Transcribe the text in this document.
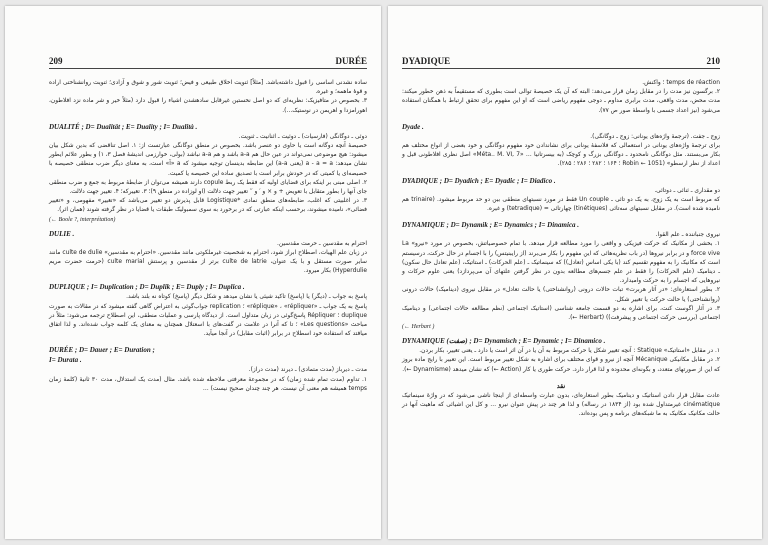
209	DURÉE

ساده نشدنی اساسی را قبول داشته‌باشد. [مثلاً] ثنویت اخلاق طبیعی و فیض؛ ثنویت شور و شوق و آزادی؛ ثنویت روانشناختی اراده و قوهٔ ماهمه‌؛ و غیره.

۳. بخصوص در متافیزیک: نظریه‌ای که دو اصل نخستین غیرقابل سادهشدن اشیاء را قبول دارد (مثلاً خیر و شر ماده نزد افلاطون، اهورامزدا و اهریمن در نوستیک…).

DUALITÉ ; D= Dualität ; E= Duality ; I= Dualità .

دوئی ـ دوگانگی (فارسیات) ـ دوئیت ـ اثنانیت ـ ثنویت.

خصیصهٔ آنچه دوگانه است یا حاوی دو عنصر باشد. بخصوص در منطق دوگانگی عبارتست از: ۱. اصل تناقضی که بدین شکل بیان میشود: هیچ موضوعی نمی‌تواند در عین حال هم a-a باشد و هم a-a نباشد (بولی، خوارزمی اندیشهٔ فصل ۳، ۱) و بطور علائم ایطور نشان میدهد: a - a = a (یعنی a-a) این ضابطه بدینسان توجیه میشود که a «آ» است، به معنای دیگر ضرب منطقی خصیصه با خصیصه‌ای یا کمیتی که در خودش برابر است با تصدیق ساده این خصیصه یا کمیت.

۲. اصلی مبنی بر اینکه برای قضایای اولیه که فقط یک ربط copule دارند همیشه می‌توان از ضابطهٔ مربوط به جمع و ضرب منطقی جای آنها را بطور متقابل با تعویض + و × و ′ و ′′ تغییر جهت دلالت (او لوزاده در منطق ۹)؛ ۳. تغییرکه‌؛ ۴. تغییر جهت دلالت.

۳. در اغلبیتی که اغلب، ضابطه‌های منطق نمادی *Logistique قابل پذیرش دو تغییر می‌باشد که «تغییر» مفهومی، و «تغییر فضائی»، نامیده میشوند، برحسب اینکه عبارتی که در برخورد به سوی سمبولیک طبقات یا قضایا در نظر گرفته شوند (همان اثر).

(← Boole ?, interprétation)
DULIE .

احترام به مقدسین ـ حرمت مقدسین.

در زبان علم الهیات، اصطلاح ابراز شود، احترام به شخصیت غیرملکوتی مانند مقدسین. «احترام به مقدسین» culte de dulie مانند سایر صورت مستقل و با یک عنوان، culte de latrie برتر از مقدسین و پرستش culte marial (حرمت حضرت مریم Hyperdulie) بکار میرود.

DUPLIQUE ; I= Duplication ; D= Duplik ; E= Duply ; I= Duplica .

پاسخ به جواب ـ (دیگر) یا (پاسخ) تاکید شیئی یا نشان میدهد و شکل دیگر (پاسخ) کوتاه نه بلند باشد.

پاسخ به یک جواب ـ «réplique» ، «répliquer» ؛ replication جواب‌گوئی به اعتراض گاهی گفته میشود که در مقالات به صورت duplique ؛ Répliquer پاسخ‌گوئی در زبان متداول است. از دیدگاه پارسی و عملیات منطقی، این اصطلاح ترجمه می‌شود: مثلاً در مباحث «Les questions» ؛ تا که آنرا در علامت در گفت‌های با اسعتلال همچنان به معنای یک کلمه جواب شده‌اند. و لذا اتفاق میافتد که استفاده خود اسطلاح در برابر (اثبات مقابل) در آنجا میآید.

DURÉE ; D= Dauer ; E= Duration ;
I= Durata .

مدت ـ دیرباز (مدت متمادی) ـ دیرند (مدت دراز).

۱. تداوم (مدت تمام شده زمان) که در مجموعهٔ معرفتی ملاحظه شده باشد. مثال (مدت یک استدلال، مدت ۳۰ ثانیهٔ (کلمهٔ زمان temps همیشه هم معنی آن نیست. هر چند چندان صحیح نیست) …

DYADIQUE	210

temps de réaction ؛ واکنش.

۲. برگسون نیز مدت را در مقابل زمان قرار می‌دهد: البته که آن یک خصیصهٔ توالی است بطوری که مستقیماً به ذهن خطور میکند: مدت محض، مدت واقعی، مدت برابری مداوم ـ دوجی مفهوم ریاضی است که او این مفهوم برای تحقق ارتباط با همگنان استفاده می‌شود (نیز اعداد جسمی با واسطهٔ صور ص ۷۷).

Dyade .

زوج ـ جفت. (ترجمهٔ واژه‌های یونانی: زوج ـ دوگانگی).

برای ترجمهٔ واژه‌های یونانی در استعمالی که فلاسفهٔ یونانی برای نشاندادن خود مفهوم دوگانگی و خود بعضی از انواع مختلف هم بکار می‌بستند. مثل دوگانگی نامحدود ـ دوگانگی بزرگ و کوچک (به بیسرتانیا … «Méta.. M. VI, 7» اصل نظری افلاطونی قبل و اعداد از نظر ارسطو» (1051 ← Robin ؛ ۱۶۴ ؛ ۲۸۲ ؛ ۲۸۶ ؛ ۲۸۵).

DYADIQUE ; D= Dyadich ; E= Dyadic ; I= Diadico .

دو مقداری ـ ثنائی ـ دوتائی.

که مربوط است به یک زوج، به یک دو تائی ـ Un couple فقط در مورد نسبتهای منطقی بین دو حد مربوط میشود. (trinaire هم نامیده شده است). در مقابل نسبتهای سه‌تائی (tinétiques) چهارتائی = (tetradique) و غیره.

DYNAMIQUE ; D= Dynamik ; E= Dynamics ; I= Dinamica .

نیروی جنباننده ـ علم القوا.

۱. بخشی از مکانیک که حرکت فیزیکی و واقعی را مورد مطالعه قرار میدهد. با تمام حصوصیاتش، بخصوص در مورد «نیرو» La force vive و در برابر نیروها (در باب نظریه‌هائی که این مفهوم را بکار می‌برند (از رایبنیتس) را با اجسام در حال حرکت، درسیستم است که مکانیک را به مفهوم تقسیم کند (با یکی اساس (تعادل)) که سینماتیک ـ (علم الحرکات) ـ استاتیک، (علم تعادل حال سکون) ـ دینامیک (علم الحرکات) را فقط در علم جسم‌های مطالعه بدون در نظر گرفتن علتهای آن می‌پردازد) یعنی علوم حرکات و نیروهایی که اجسام را به حرکت وامیدارد.

۲. بطور استعاره‌ای: «در آثار هربرت» تبات حالات درونی (روانشناختی) یا حالت تعادل» در مقابل نیروی (دینامیک) حالات درونی (روانشناختی) یا حالت حرکت یا تغییر شکل.

۳. در آثار اگوست کنت، برای اشاره به دو قسمت جامعه شناسی (استاتیک اجتماعی (نظم مطالعه حالات اجتماعی) و دینامیک اجتماعی (بررسی حرکت اجتماعی و پیشرفت)) (Herbart ←).

(← Herbart )
DYNAMIQUE (صفت) ; D= Dynamisch ; E= Dynamic ; I= Dinamico .

۱. در مقابل «استاتیک» Statique : آنچه تغییر شکل یا حرکت مربوط به آن یا در آن اثر است یا دارد ـ یعنی تغییر، بکار بردن.

۲. در مقابل مکانیکی Mécanique آنچه از نیرو و قوای مختلف برای اشاره به شکل تغییر مربوط است. این تعبیر با رایج ماده بروز که این از صورتهای متعدد، و بگونه‌ای محدوده و لذا قرار دارد. حرکت طوری یا کار (Action ←) که نشان میدهد (Dynamisme ←).

نقد

عادت مقابل قرار دادن استاتیک و دینامیک بطور استعاره‌ای، بدون عبارت واسطه‌ای از اینجا ناشی می‌شود که در واژهٔ سینماتیک cinématique غیرمتداول شده بود (از ۱۸۳۴ در رساله) و لذا هر چند در پیش عنوان نیرو … و کل این اشیائی که ماهیت آنها در حالت مکانیک مکانیک به ما شبکه‌های برنامه و پس بوده‌اند.
